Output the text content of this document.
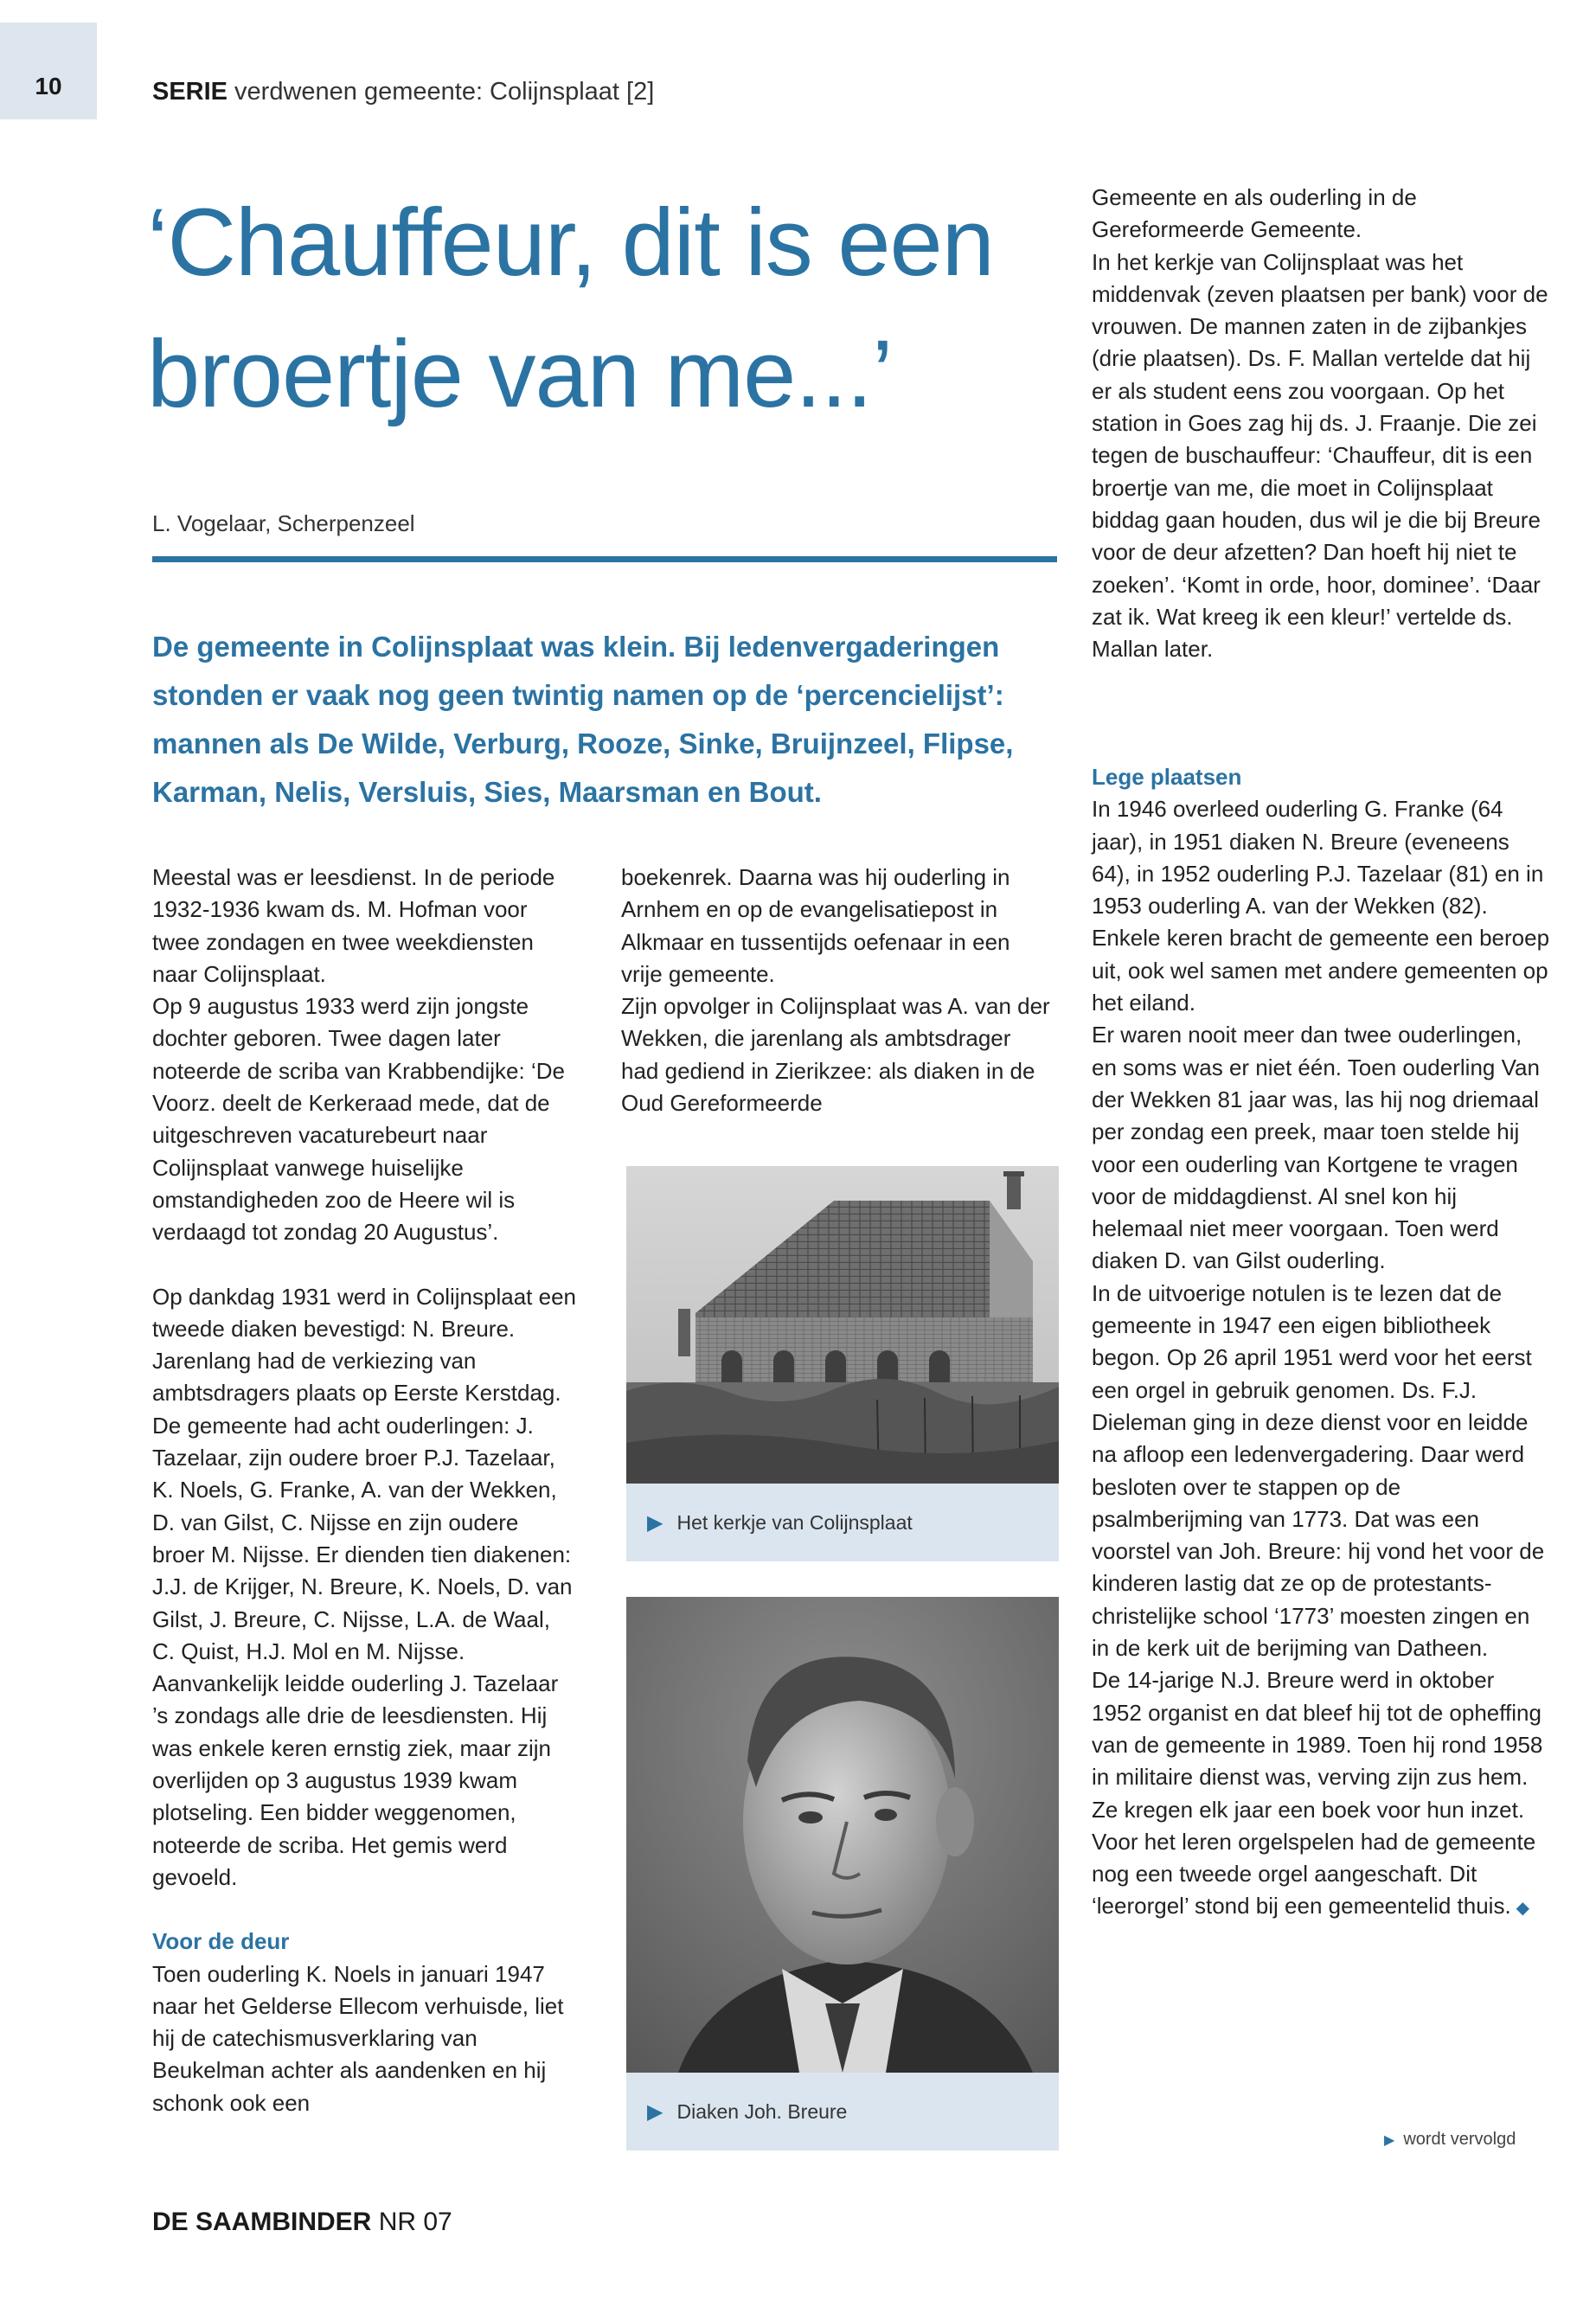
10	SERIE verdwenen gemeente: Colijnsplaat [2]
‘Chauffeur, dit is een
broertje van me...’
L. Vogelaar, Scherpenzeel
De gemeente in Colijnsplaat was klein. Bij ledenvergaderingen stonden er vaak nog geen twintig namen op de ‘percencielijst’: mannen als De Wilde, Verburg, Rooze, Sinke, Bruijnzeel, Flipse, Karman, Nelis, Versluis, Sies, Maarsman en Bout.

Meestal was er leesdienst. In de periode 1932-1936 kwam ds. M. Hofman voor twee zondagen en twee weekdiensten naar Colijnsplaat.

Op 9 augustus 1933 werd zijn jongste dochter geboren. Twee dagen later noteerde de scriba van Krabbendijke: ‘De Voorz. deelt de Kerkeraad mede, dat de uitgeschreven vacaturebeurt naar Colijnsplaat vanwege huiselijke omstandigheden zoo de Heere wil is verdaagd tot zondag 20 Augustus’.

Op dankdag 1931 werd in Colijnsplaat een tweede diaken bevestigd: N. Breure. Jarenlang had de verkiezing van ambtsdragers plaats op Eerste Kerstdag. De gemeente had acht ouderlingen: J. Tazelaar, zijn oudere broer P.J. Tazelaar, K. Noels, G. Franke, A. van der Wekken, D. van Gilst, C. Nijsse en zijn oudere broer M. Nijsse. Er dienden tien diakenen: J.J. de Krijger, N. Breure, K. Noels, D. van Gilst, J. Breure, C. Nijsse, L.A. de Waal, C. Quist, H.J. Mol en M. Nijsse. Aanvankelijk leidde ouderling J. Tazelaar ’s zondags alle drie de leesdiensten. Hij was enkele keren ernstig ziek, maar zijn overlijden op 3 augustus 1939 kwam plotseling. Een bidder weggenomen, noteerde de scriba. Het gemis werd gevoeld.

Voor de deur

Toen ouderling K. Noels in januari 1947 naar het Gelderse Ellecom verhuisde, liet hij de catechismusverklaring van Beukelman achter als aandenken en hij schonk ook een

boekenrek. Daarna was hij ouderling in Arnhem en op de evangelisatiepost in Alkmaar en tussentijds oefenaar in een vrije gemeente.

Zijn opvolger in Colijnsplaat was A. van der Wekken, die jarenlang als ambtsdrager had gediend in Zierikzee: als diaken in de Oud Gereformeerde

▶ Het kerkje van Colijnsplaat
▶ Diaken Joh. Breure

Gemeente en als ouderling in de Gereformeerde Gemeente.

In het kerkje van Colijnsplaat was het middenvak (zeven plaatsen per bank) voor de vrouwen. De mannen zaten in de zijbankjes (drie plaatsen). Ds. F. Mallan vertelde dat hij er als student eens zou voorgaan. Op het station in Goes zag hij ds. J. Fraanje. Die zei tegen de buschauffeur: ‘Chauffeur, dit is een broertje van me, die moet in Colijnsplaat biddag gaan houden, dus wil je die bij Breure voor de deur afzetten? Dan hoeft hij niet te zoeken’. ‘Komt in orde, hoor, dominee’. ‘Daar zat ik. Wat kreeg ik een kleur!’ vertelde ds. Mallan later.

Lege plaatsen

In 1946 overleed ouderling G. Franke (64 jaar), in 1951 diaken N. Breure (eveneens 64), in 1952 ouderling P.J. Tazelaar (81) en in 1953 ouderling A. van der Wekken (82).

Enkele keren bracht de gemeente een beroep uit, ook wel samen met andere gemeenten op het eiland.

Er waren nooit meer dan twee ouderlingen, en soms was er niet één. Toen ouderling Van der Wekken 81 jaar was, las hij nog driemaal per zondag een preek, maar toen stelde hij voor een ouderling van Kortgene te vragen voor de middagdienst. Al snel kon hij helemaal niet meer voorgaan. Toen werd diaken D. van Gilst ouderling.

In de uitvoerige notulen is te lezen dat de gemeente in 1947 een eigen bibliotheek begon. Op 26 april 1951 werd voor het eerst een orgel in gebruik genomen. Ds. F.J. Dieleman ging in deze dienst voor en leidde na afloop een ledenvergadering. Daar werd besloten over te stappen op de psalmberijming van 1773. Dat was een voorstel van Joh. Breure: hij vond het voor de kinderen lastig dat ze op de protestants-christelijke school ‘1773’ moesten zingen en in de kerk uit de berijming van Datheen.

De 14-jarige N.J. Breure werd in oktober 1952 organist en dat bleef hij tot de opheffing van de gemeente in 1989. Toen hij rond 1958 in militaire dienst was, verving zijn zus hem.

Ze kregen elk jaar een boek voor hun inzet. Voor het leren orgelspelen had de gemeente nog een tweede orgel aangeschaft. Dit ‘leerorgel’ stond bij een gemeentelid thuis. ◆

▶ wordt vervolgd
DE SAAMBINDER NR 07
